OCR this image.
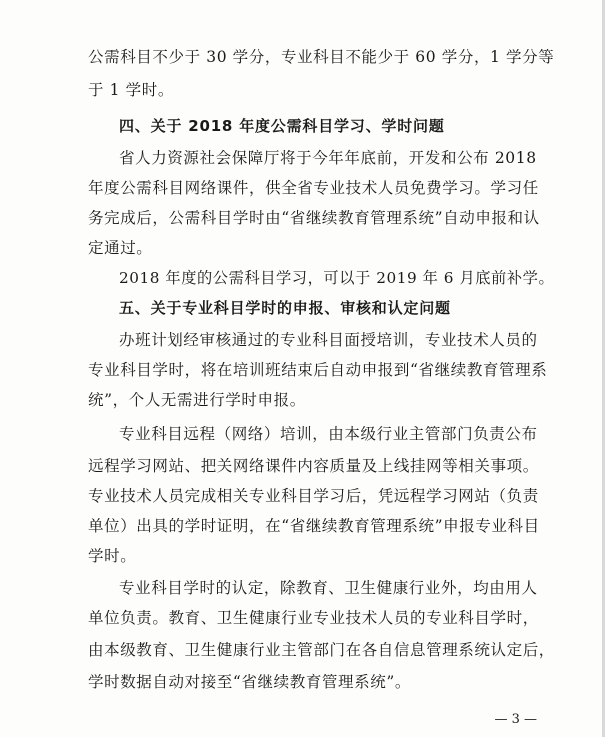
公需科目不少于 30 学分，专业科目不能少于 60 学分，1 学分等
于 1 学时。
四、关于 2018 年度公需科目学习、学时问题
省人力资源社会保障厅将于今年年底前，开发和公布 2018
年度公需科目网络课件，供全省专业技术人员免费学习。学习任
务完成后，公需科目学时由“省继续教育管理系统”自动申报和认
定通过。
2018 年度的公需科目学习，可以于 2019 年 6 月底前补学。
五、关于专业科目学时的申报、审核和认定问题
办班计划经审核通过的专业科目面授培训，专业技术人员的
专业科目学时，将在培训班结束后自动申报到“省继续教育管理系
统”，个人无需进行学时申报。
专业科目远程（网络）培训，由本级行业主管部门负责公布
远程学习网站、把关网络课件内容质量及上线挂网等相关事项。
专业技术人员完成相关专业科目学习后，凭远程学习网站（负责
单位）出具的学时证明，在“省继续教育管理系统”申报专业科目
学时。
— 3 —
专业科目学时的认定，除教育、卫生健康行业外，均由用人
单位负责。教育、卫生健康行业专业技术人员的专业科目学时，
由本级教育、卫生健康行业主管部门在各自信息管理系统认定后，
学时数据自动对接至“省继续教育管理系统”。
